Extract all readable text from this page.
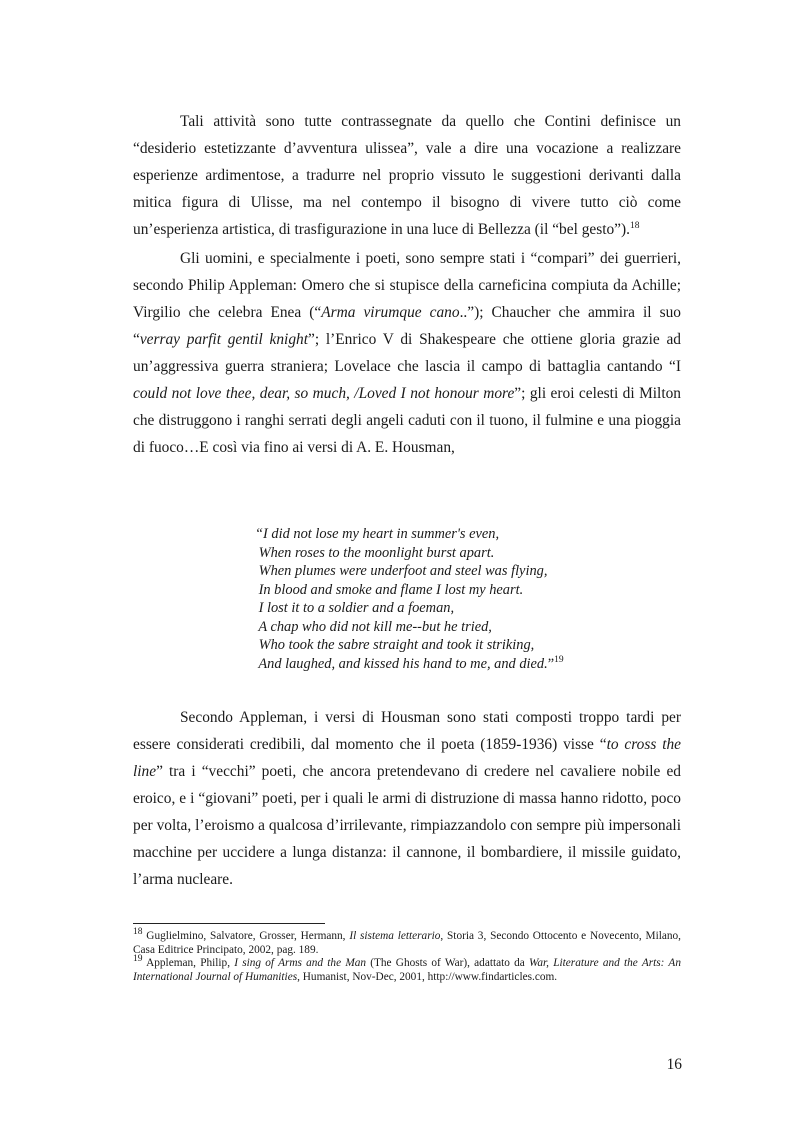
Tali attività sono tutte contrassegnate da quello che Contini definisce un “desiderio estetizzante d’avventura ulissea”, vale a dire una vocazione a realizzare esperienze ardimentose, a tradurre nel proprio vissuto le suggestioni derivanti dalla mitica figura di Ulisse, ma nel contempo il bisogno di vivere tutto ciò come un’esperienza artistica, di trasfigurazione in una luce di Bellezza (il “bel gesto”).$^{18}$

Gli uomini, e specialmente i poeti, sono sempre stati i “compari” dei guerrieri, secondo Philip Appleman: Omero che si stupisce della carneficina compiuta da Achille; Virgilio che celebra Enea (“Arma virumque cano..”); Chaucher che ammira il suo “verray parfit gentil knight”; l’Enrico V di Shakespeare che ottiene gloria grazie ad un’aggressiva guerra straniera; Lovelace che lascia il campo di battaglia cantando “I could not love thee, dear, so much, /Loved I not honour more”; gli eroi celesti di Milton che distruggono i ranghi serrati degli angeli caduti con il tuono, il fulmine e una pioggia di fuoco…E così via fino ai versi di A. E. Housman,

“I did not lose my heart in summer's even,
When roses to the moonlight burst apart.
When plumes were underfoot and steel was flying,
In blood and smoke and flame I lost my heart.
I lost it to a soldier and a foeman,
A chap who did not kill me--but he tried,
Who took the sabre straight and took it striking,
And laughed, and kissed his hand to me, and died.”$^{19}$

Secondo Appleman, i versi di Housman sono stati composti troppo tardi per essere considerati credibili, dal momento che il poeta (1859-1936) visse “to cross the line” tra i “vecchi” poeti, che ancora pretendevano di credere nel cavaliere nobile ed eroico, e i “giovani” poeti, per i quali le armi di distruzione di massa hanno ridotto, poco per volta, l’eroismo a qualcosa d’irrilevante, rimpiazzandolo con sempre più impersonali macchine per uccidere a lunga distanza: il cannone, il bombardiere, il missile guidato, l’arma nucleare.

$^{18}$ Guglielmino, Salvatore, Grosser, Hermann, Il sistema letterario, Storia 3, Secondo Ottocento e Novecento, Milano, Casa Editrice Principato, 2002, pag. 189.

$^{19}$ Appleman, Philip, I sing of Arms and the Man (The Ghosts of War), adattato da War, Literature and the Arts: An International Journal of Humanities, Humanist, Nov-Dec, 2001, http://www.findarticles.com.

16
